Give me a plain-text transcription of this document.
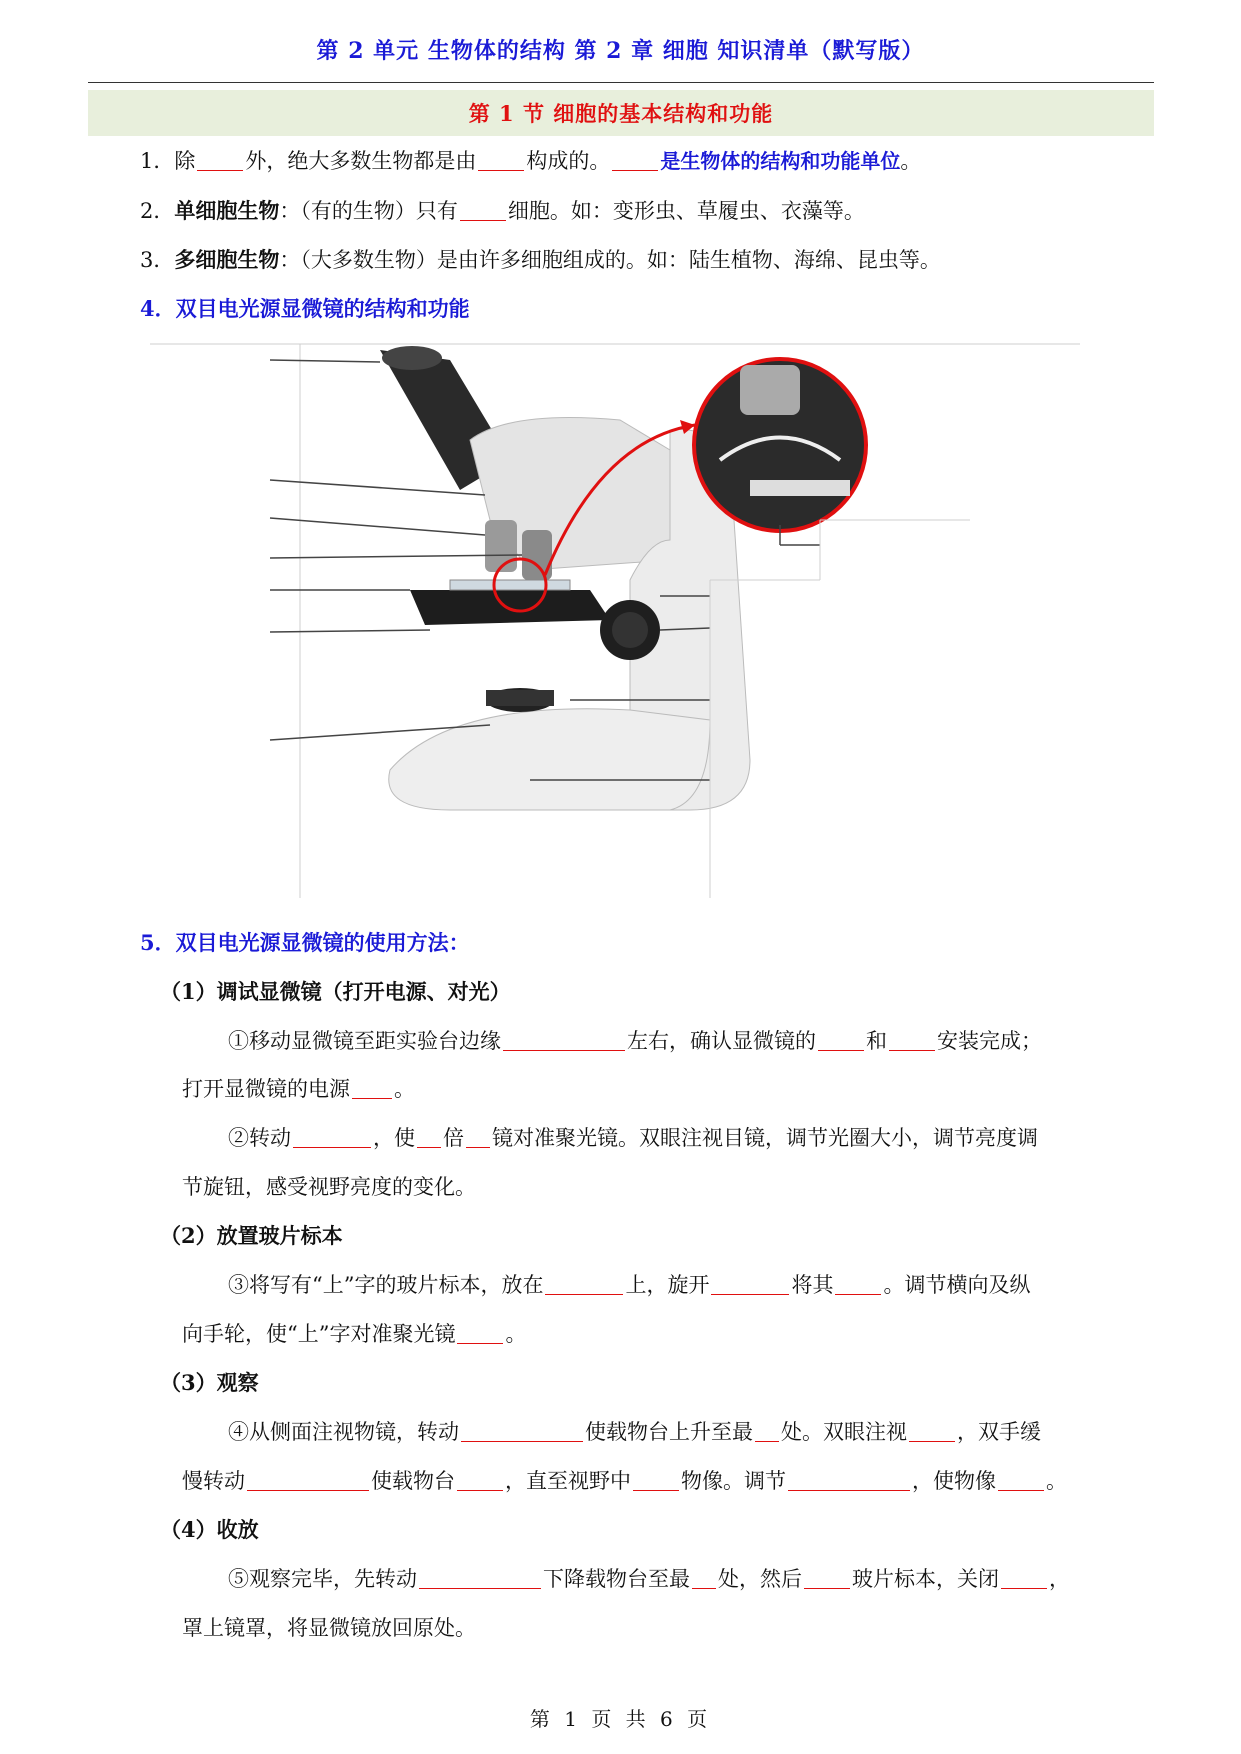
第 2 单元 生物体的结构 第 2 章 细胞 知识清单（默写版）
第 1 节 细胞的基本结构和功能
1．除 外，绝大多数生物都是由 构成的。	是生物体的结构和功能单位。
2．单细胞生物：（有的生物）只有 细胞。如：变形虫、草履虫、衣藻等。
3．多细胞生物：（大多数生物）是由许多细胞组成的。如：陆生植物、海绵、昆虫等。
4．双目电光源显微镜的结构和功能
5．双目电光源显微镜的使用方法：
（1）调试显微镜（打开电源、对光）
①移动显微镜至距实验台边缘	左右，确认显微镜的 和 安装完成；
打开显微镜的电源 。
②转动	，使 倍 镜对准聚光镜。双眼注视目镜，调节光圈大小，调节亮度调
节旋钮，感受视野亮度的变化。
（2）放置玻片标本
③将写有“上”字的玻片标本，放在	上，旋开	将其 。调节横向及纵
向手轮，使“上”字对准聚光镜 。
（3）观察
④从侧面注视物镜，转动	使载物台上升至最 处。双眼注视 ，双手缓
慢转动	使载物台 ，直至视野中 物像。调节	，使物像 。
（4）收放
⑤观察完毕，先转动	下降载物台至最 处，然后 玻片标本，关闭 ，
罩上镜罩，将显微镜放回原处。
第 1 页 共 6 页
